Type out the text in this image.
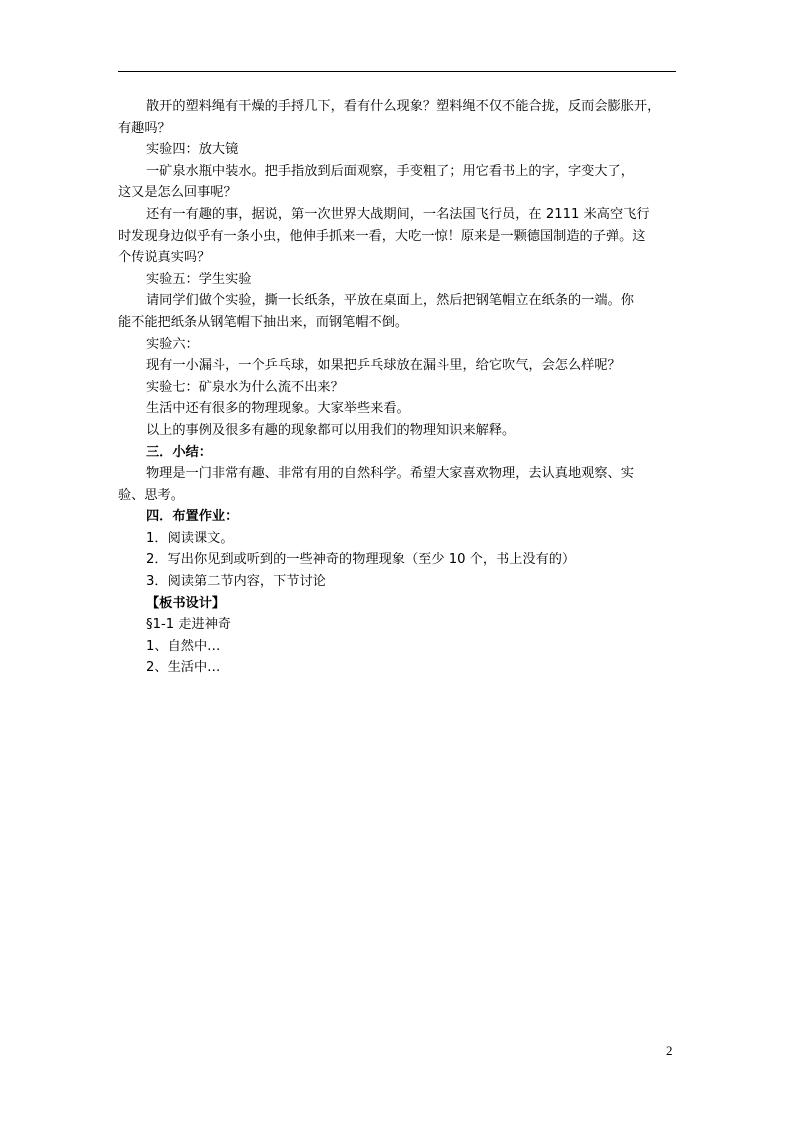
散开的塑料绳有干燥的手捋几下，看有什么现象？塑料绳不仅不能合拢，反而会膨胀开，
有趣吗？
实验四：放大镜
一矿泉水瓶中装水。把手指放到后面观察，手变粗了；用它看书上的字，字变大了，
这又是怎么回事呢？
还有一有趣的事，据说，第一次世界大战期间，一名法国飞行员，在 2111 米高空飞行
时发现身边似乎有一条小虫，他伸手抓来一看，大吃一惊！原来是一颗德国制造的子弹。这
个传说真实吗？
实验五：学生实验
请同学们做个实验，撕一长纸条，平放在桌面上，然后把钢笔帽立在纸条的一端。你
能不能把纸条从钢笔帽下抽出来，而钢笔帽不倒。
实验六：
现有一小漏斗，一个乒乓球，如果把乒乓球放在漏斗里，给它吹气，会怎么样呢？
实验七：矿泉水为什么流不出来？
生活中还有很多的物理现象。大家举些来看。
以上的事例及很多有趣的现象都可以用我们的物理知识来解释。
三．小结：
物理是一门非常有趣、非常有用的自然科学。希望大家喜欢物理，去认真地观察、实
验、思考。
四．布置作业：
1．阅读课文。
2．写出你见到或听到的一些神奇的物理现象（至少 10 个，书上没有的）
3．阅读第二节内容，下节讨论
【板书设计】
§1-1 走进神奇
1、自然中…
2、生活中…
2
